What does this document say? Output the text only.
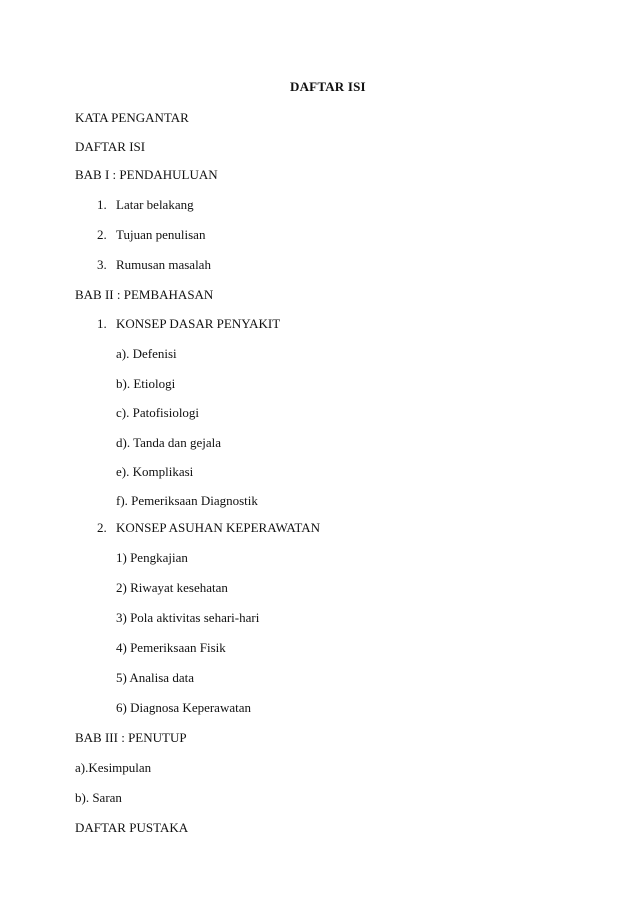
DAFTAR ISI
KATA PENGANTAR
DAFTAR ISI
BAB I : PENDAHULUAN
1. Latar belakang
2. Tujuan penulisan
3. Rumusan masalah
BAB II : PEMBAHASAN
1. KONSEP DASAR PENYAKIT
a). Defenisi
b). Etiologi
c). Patofisiologi
d). Tanda dan gejala
e). Komplikasi
f). Pemeriksaan Diagnostik
2. KONSEP ASUHAN KEPERAWATAN
1) Pengkajian
2) Riwayat kesehatan
3) Pola aktivitas sehari-hari
4) Pemeriksaan Fisik
5) Analisa data
6) Diagnosa Keperawatan
BAB III : PENUTUP
a).Kesimpulan
b). Saran
DAFTAR PUSTAKA
